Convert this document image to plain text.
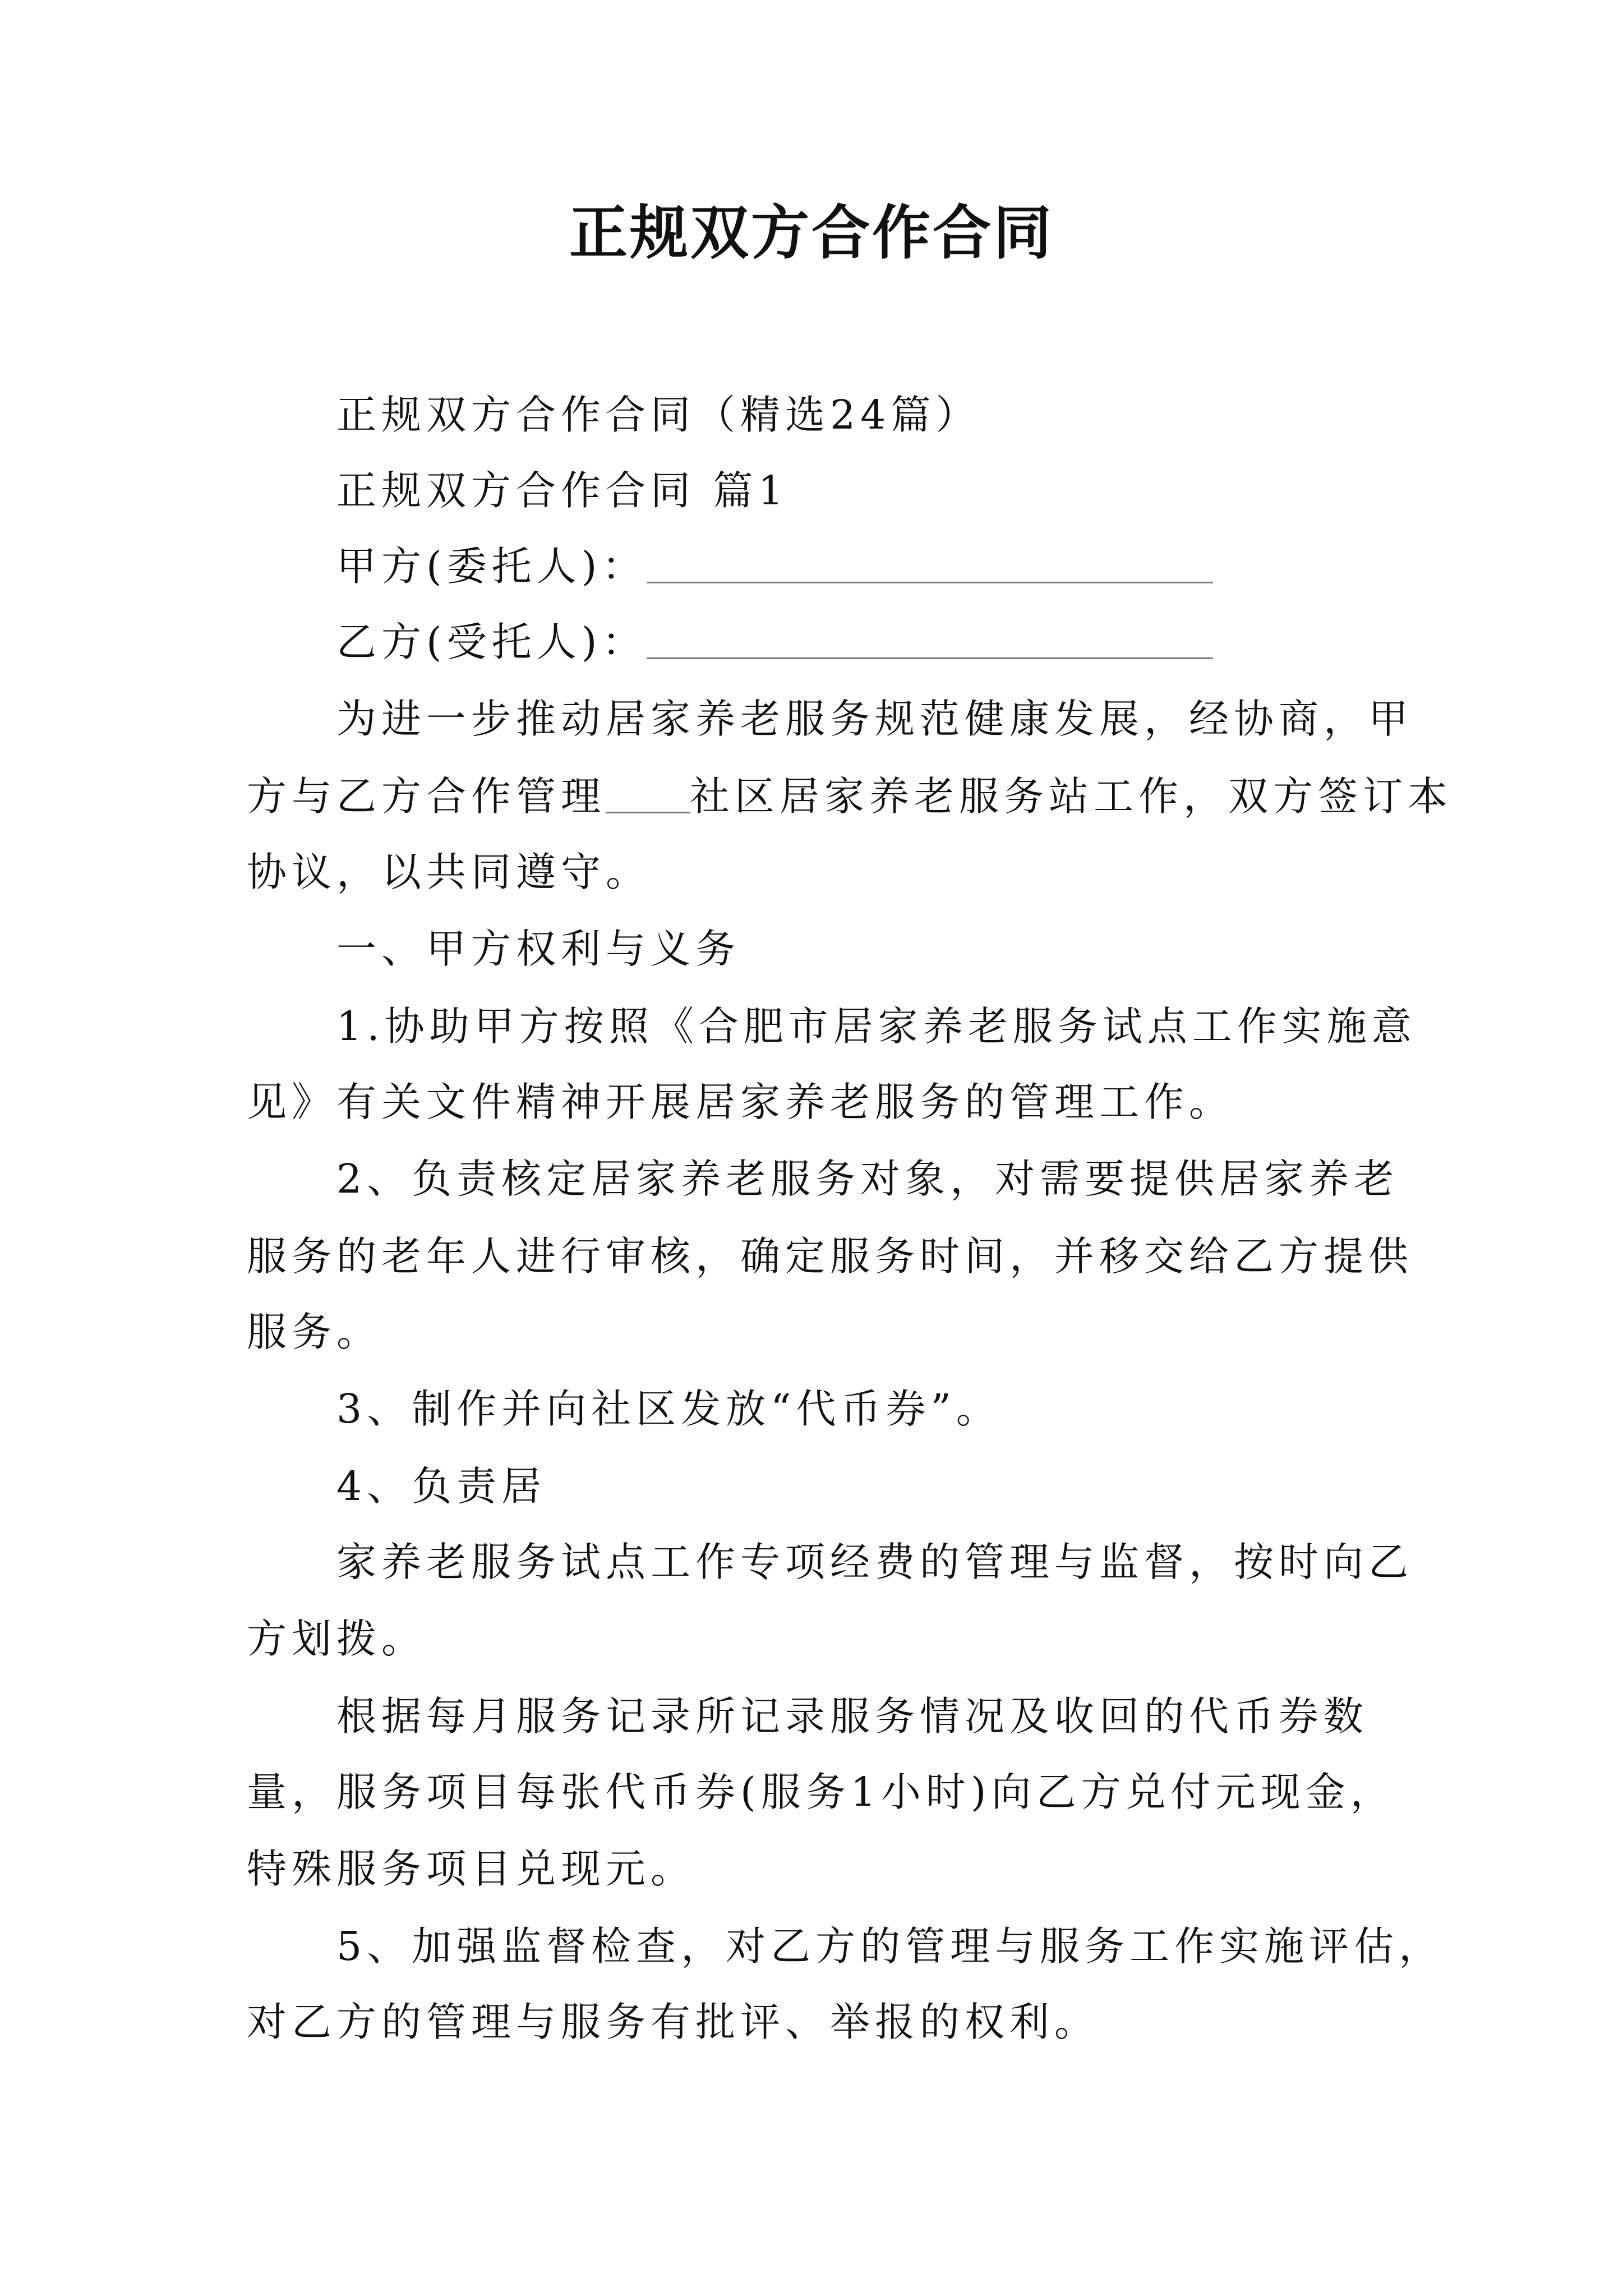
正规双方合作合同

正规双方合作合同（精选24篇）

正规双方合作合同 篇1

甲方(委托人)：

乙方(受托人)：

为进一步推动居家养老服务规范健康发展，经协商，甲

方与乙方合作管理 社区居家养老服务站工作，双方签订本

协议，以共同遵守。

一、甲方权利与义务

1.协助甲方按照《合肥市居家养老服务试点工作实施意

见》有关文件精神开展居家养老服务的管理工作。

2、负责核定居家养老服务对象，对需要提供居家养老

服务的老年人进行审核，确定服务时间，并移交给乙方提供

服务。

3、制作并向社区发放“代币券”。

4、负责居

家养老服务试点工作专项经费的管理与监督，按时向乙

方划拨。

根据每月服务记录所记录服务情况及收回的代币券数

量，服务项目每张代币券(服务1小时)向乙方兑付元现金，

特殊服务项目兑现元。

5、加强监督检查，对乙方的管理与服务工作实施评估，

对乙方的管理与服务有批评、举报的权利。
